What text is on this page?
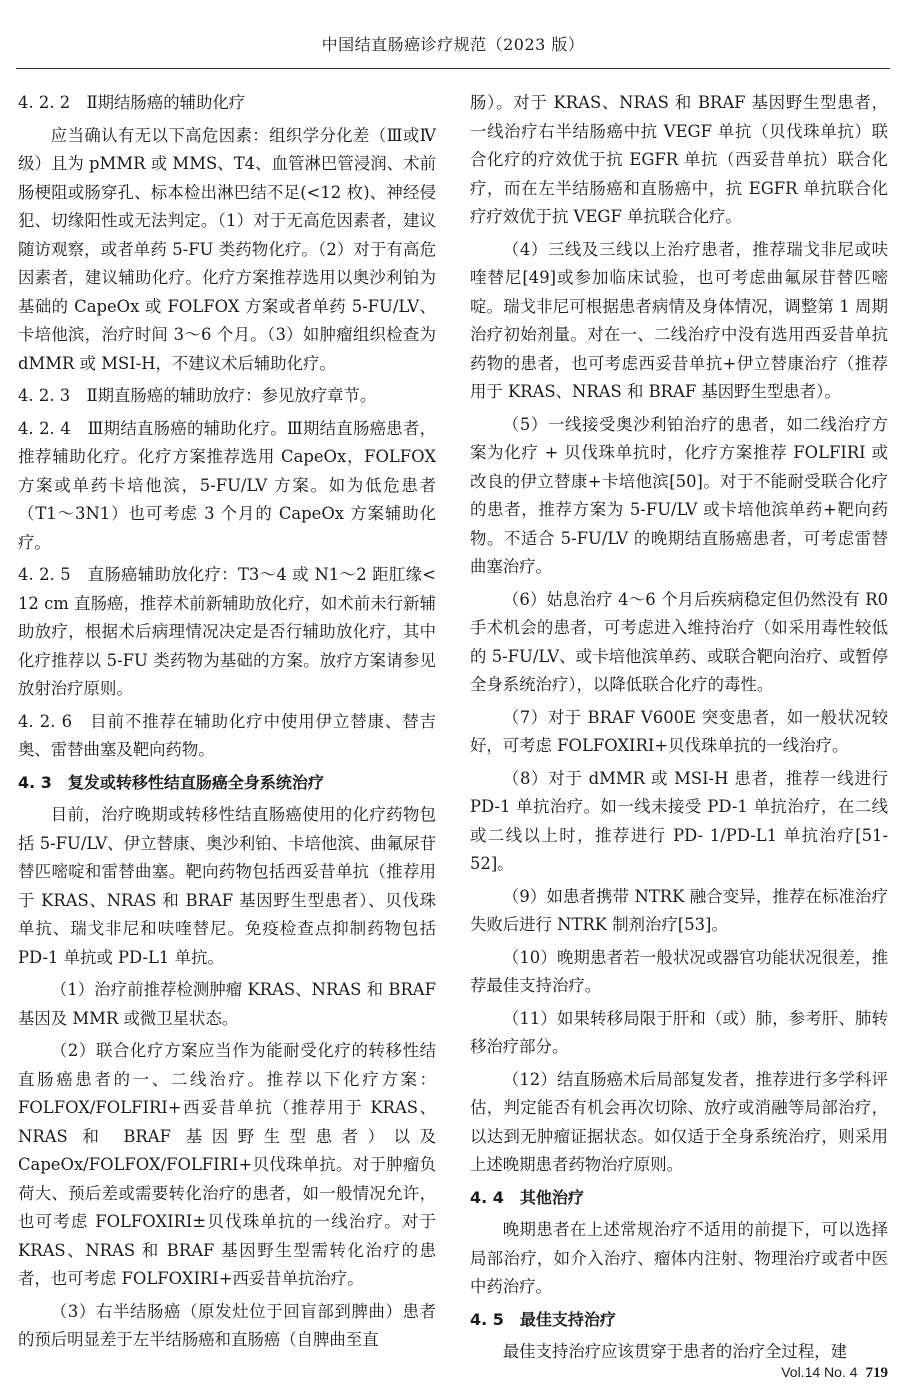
中国结直肠癌诊疗规范（2023 版）

4. 2. 2　Ⅱ期结肠癌的辅助化疗

应当确认有无以下高危因素：组织学分化差（Ⅲ或Ⅳ级）且为 pMMR 或 MMS、T4、血管淋巴管浸润、术前肠梗阻或肠穿孔、标本检出淋巴结不足(<12 枚)、神经侵犯、切缘阳性或无法判定。（1）对于无高危因素者，建议随访观察，或者单药 5-FU 类药物化疗。（2）对于有高危因素者，建议辅助化疗。化疗方案推荐选用以奥沙利铂为基础的 CapeOx 或 FOLFOX 方案或者单药 5-FU/LV、卡培他滨，治疗时间 3～6 个月。（3）如肿瘤组织检查为 dMMR 或 MSI-H，不建议术后辅助化疗。

4. 2. 3　Ⅱ期直肠癌的辅助放疗：参见放疗章节。

4. 2. 4　Ⅲ期结直肠癌的辅助化疗。Ⅲ期结直肠癌患者，推荐辅助化疗。化疗方案推荐选用 CapeOx，FOLFOX 方案或单药卡培他滨，5-FU/LV 方案。如为低危患者（T1～3N1）也可考虑 3 个月的 CapeOx 方案辅助化疗。

4. 2. 5　直肠癌辅助放化疗：T3～4 或 N1～2 距肛缘< 12 cm 直肠癌，推荐术前新辅助放化疗，如术前未行新辅助放疗，根据术后病理情况决定是否行辅助放化疗，其中化疗推荐以 5-FU 类药物为基础的方案。放疗方案请参见放射治疗原则。

4. 2. 6　目前不推荐在辅助化疗中使用伊立替康、替吉奥、雷替曲塞及靶向药物。

4. 3　复发或转移性结直肠癌全身系统治疗

目前，治疗晚期或转移性结直肠癌使用的化疗药物包括 5-FU/LV、伊立替康、奥沙利铂、卡培他滨、曲氟尿苷替匹嘧啶和雷替曲塞。靶向药物包括西妥昔单抗（推荐用于 KRAS、NRAS 和 BRAF 基因野生型患者）、贝伐珠单抗、瑞戈非尼和呋喹替尼。免疫检查点抑制药物包括 PD-1 单抗或 PD-L1 单抗。

（1）治疗前推荐检测肿瘤 KRAS、NRAS 和 BRAF 基因及 MMR 或微卫星状态。

（2）联合化疗方案应当作为能耐受化疗的转移性结直肠癌患者的一、二线治疗。推荐以下化疗方案：FOLFOX/FOLFIRI+西妥昔单抗（推荐用于 KRAS、NRAS 和 BRAF 基因野生型患者）以及 CapeOx/FOLFOX/FOLFIRI+贝伐珠单抗。对于肿瘤负荷大、预后差或需要转化治疗的患者，如一般情况允许，也可考虑 FOLFOXIRI±贝伐珠单抗的一线治疗。对于 KRAS、NRAS 和 BRAF 基因野生型需转化治疗的患者，也可考虑 FOLFOXIRI+西妥昔单抗治疗。

（3）右半结肠癌（原发灶位于回盲部到脾曲）患者的预后明显差于左半结肠癌和直肠癌（自脾曲至直

肠）。对于 KRAS、NRAS 和 BRAF 基因野生型患者，一线治疗右半结肠癌中抗 VEGF 单抗（贝伐珠单抗）联合化疗的疗效优于抗 EGFR 单抗（西妥昔单抗）联合化疗，而在左半结肠癌和直肠癌中，抗 EGFR 单抗联合化疗疗效优于抗 VEGF 单抗联合化疗。

（4）三线及三线以上治疗患者，推荐瑞戈非尼或呋喹替尼[49]或参加临床试验，也可考虑曲氟尿苷替匹嘧啶。瑞戈非尼可根据患者病情及身体情况，调整第 1 周期治疗初始剂量。对在一、二线治疗中没有选用西妥昔单抗药物的患者，也可考虑西妥昔单抗+伊立替康治疗（推荐用于 KRAS、NRAS 和 BRAF 基因野生型患者）。

（5）一线接受奥沙利铂治疗的患者，如二线治疗方案为化疗 + 贝伐珠单抗时，化疗方案推荐 FOLFIRI 或改良的伊立替康+卡培他滨[50]。对于不能耐受联合化疗的患者，推荐方案为 5-FU/LV 或卡培他滨单药+靶向药物。不适合 5-FU/LV 的晚期结直肠癌患者，可考虑雷替曲塞治疗。

（6）姑息治疗 4～6 个月后疾病稳定但仍然没有 R0 手术机会的患者，可考虑进入维持治疗（如采用毒性较低的 5-FU/LV、或卡培他滨单药、或联合靶向治疗、或暂停全身系统治疗），以降低联合化疗的毒性。

（7）对于 BRAF V600E 突变患者，如一般状况较好，可考虑 FOLFOXIRI+贝伐珠单抗的一线治疗。

（8）对于 dMMR 或 MSI-H 患者，推荐一线进行 PD-1 单抗治疗。如一线未接受 PD-1 单抗治疗，在二线或二线以上时，推荐进行 PD- 1/PD-L1 单抗治疗[51-52]。

（9）如患者携带 NTRK 融合变异，推荐在标准治疗失败后进行 NTRK 制剂治疗[53]。

（10）晚期患者若一般状况或器官功能状况很差，推荐最佳支持治疗。

（11）如果转移局限于肝和（或）肺，参考肝、肺转移治疗部分。

（12）结直肠癌术后局部复发者，推荐进行多学科评估，判定能否有机会再次切除、放疗或消融等局部治疗，以达到无肿瘤证据状态。如仅适于全身系统治疗，则采用上述晚期患者药物治疗原则。

4. 4　其他治疗

晚期患者在上述常规治疗不适用的前提下，可以选择局部治疗，如介入治疗、瘤体内注射、物理治疗或者中医中药治疗。

4. 5　最佳支持治疗

最佳支持治疗应该贯穿于患者的治疗全过程，建

Vol.14 No. 4 719
